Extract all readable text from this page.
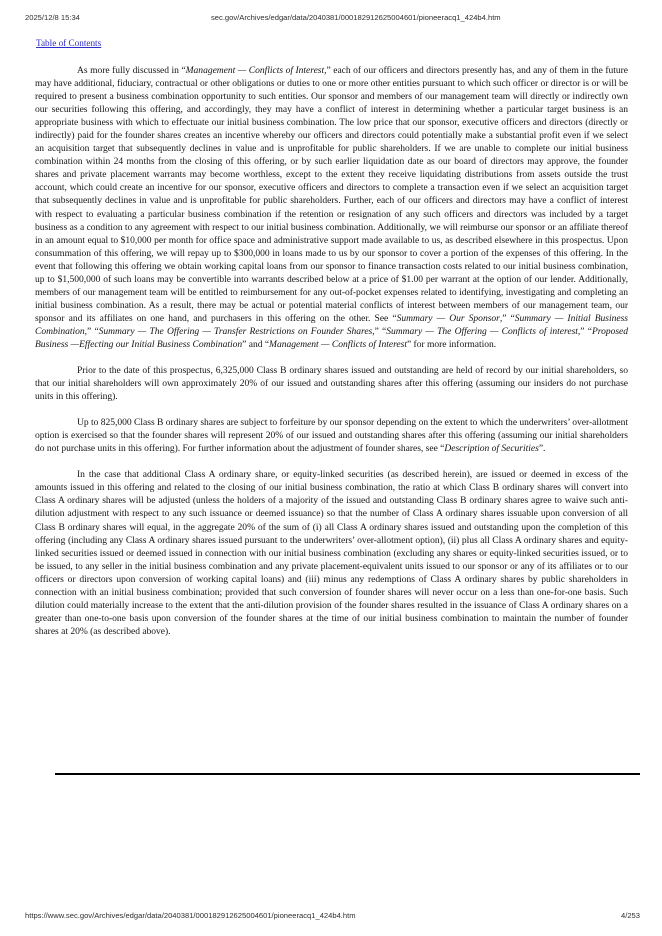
2025/12/8 15:34	sec.gov/Archives/edgar/data/2040381/000182912625004601/pioneeracq1_424b4.htm
Table of Contents

As more fully discussed in “Management — Conflicts of Interest,” each of our officers and directors presently has, and any of them in the future may have additional, fiduciary, contractual or other obligations or duties to one or more other entities pursuant to which such officer or director is or will be required to present a business combination opportunity to such entities. Our sponsor and members of our management team will directly or indirectly own our securities following this offering, and accordingly, they may have a conflict of interest in determining whether a particular target business is an appropriate business with which to effectuate our initial business combination. The low price that our sponsor, executive officers and directors (directly or indirectly) paid for the founder shares creates an incentive whereby our officers and directors could potentially make a substantial profit even if we select an acquisition target that subsequently declines in value and is unprofitable for public shareholders. If we are unable to complete our initial business combination within 24 months from the closing of this offering, or by such earlier liquidation date as our board of directors may approve, the founder shares and private placement warrants may become worthless, except to the extent they receive liquidating distributions from assets outside the trust account, which could create an incentive for our sponsor, executive officers and directors to complete a transaction even if we select an acquisition target that subsequently declines in value and is unprofitable for public shareholders. Further, each of our officers and directors may have a conflict of interest with respect to evaluating a particular business combination if the retention or resignation of any such officers and directors was included by a target business as a condition to any agreement with respect to our initial business combination. Additionally, we will reimburse our sponsor or an affiliate thereof in an amount equal to $10,000 per month for office space and administrative support made available to us, as described elsewhere in this prospectus. Upon consummation of this offering, we will repay up to $300,000 in loans made to us by our sponsor to cover a portion of the expenses of this offering. In the event that following this offering we obtain working capital loans from our sponsor to finance transaction costs related to our initial business combination, up to $1,500,000 of such loans may be convertible into warrants described below at a price of $1.00 per warrant at the option of our lender. Additionally, members of our management team will be entitled to reimbursement for any out-of-pocket expenses related to identifying, investigating and completing an initial business combination. As a result, there may be actual or potential material conflicts of interest between members of our management team, our sponsor and its affiliates on one hand, and purchasers in this offering on the other. See “Summary — Our Sponsor,” “Summary — Initial Business Combination,” “Summary — The Offering — Transfer Restrictions on Founder Shares,” “Summary — The Offering — Conflicts of interest,” “Proposed Business —Effecting our Initial Business Combination” and “Management — Conflicts of Interest” for more information.

Prior to the date of this prospectus, 6,325,000 Class B ordinary shares issued and outstanding are held of record by our initial shareholders, so that our initial shareholders will own approximately 20% of our issued and outstanding shares after this offering (assuming our insiders do not purchase units in this offering).

Up to 825,000 Class B ordinary shares are subject to forfeiture by our sponsor depending on the extent to which the underwriters’ over-allotment option is exercised so that the founder shares will represent 20% of our issued and outstanding shares after this offering (assuming our initial shareholders do not purchase units in this offering). For further information about the adjustment of founder shares, see “Description of Securities”.

In the case that additional Class A ordinary share, or equity-linked securities (as described herein), are issued or deemed in excess of the amounts issued in this offering and related to the closing of our initial business combination, the ratio at which Class B ordinary shares will convert into Class A ordinary shares will be adjusted (unless the holders of a majority of the issued and outstanding Class B ordinary shares agree to waive such anti-dilution adjustment with respect to any such issuance or deemed issuance) so that the number of Class A ordinary shares issuable upon conversion of all Class B ordinary shares will equal, in the aggregate 20% of the sum of (i) all Class A ordinary shares issued and outstanding upon the completion of this offering (including any Class A ordinary shares issued pursuant to the underwriters’ over-allotment option), (ii) plus all Class A ordinary shares and equity-linked securities issued or deemed issued in connection with our initial business combination (excluding any shares or equity-linked securities issued, or to be issued, to any seller in the initial business combination and any private placement-equivalent units issued to our sponsor or any of its affiliates or to our officers or directors upon conversion of working capital loans) and (iii) minus any redemptions of Class A ordinary shares by public shareholders in connection with an initial business combination; provided that such conversion of founder shares will never occur on a less than one-for-one basis. Such dilution could materially increase to the extent that the anti-dilution provision of the founder shares resulted in the issuance of Class A ordinary shares on a greater than one-to-one basis upon conversion of the founder shares at the time of our initial business combination to maintain the number of founder shares at 20% (as described above).

https://www.sec.gov/Archives/edgar/data/2040381/000182912625004601/pioneeracq1_424b4.htm	4/253
